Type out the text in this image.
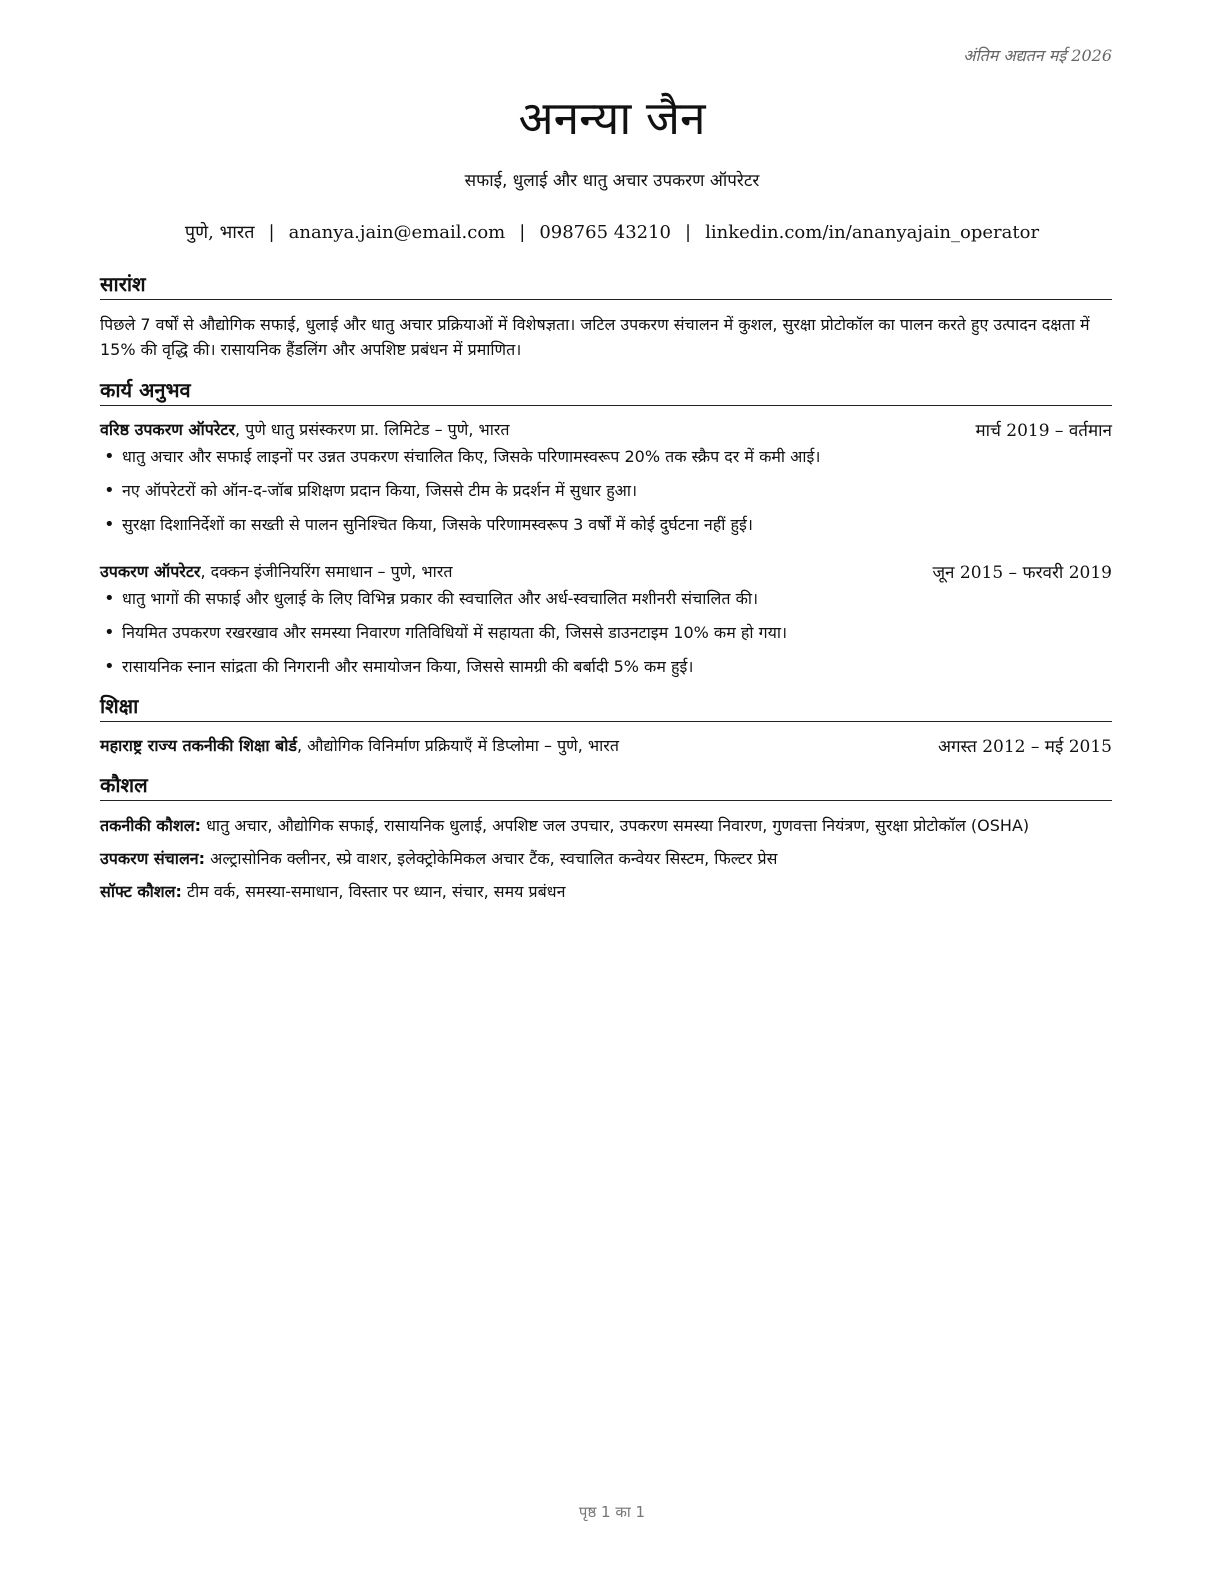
अंतिम अद्यतन मई 2026
अनन्या जैन
सफाई, धुलाई और धातु अचार उपकरण ऑपरेटर
पुणे, भारत | ananya.jain@email.com | 098765 43210 | linkedin.com/in/ananyajain_operator
सारांश

पिछले 7 वर्षों से औद्योगिक सफाई, धुलाई और धातु अचार प्रक्रियाओं में विशेषज्ञता। जटिल उपकरण संचालन में कुशल, सुरक्षा प्रोटोकॉल का पालन करते हुए उत्पादन दक्षता में 15% की वृद्धि की। रासायनिक हैंडलिंग और अपशिष्ट प्रबंधन में प्रमाणित।

कार्य अनुभव
वरिष्ठ उपकरण ऑपरेटर, पुणे धातु प्रसंस्करण प्रा. लिमिटेड – पुणे, भारत	मार्च 2019 – वर्तमान
• धातु अचार और सफाई लाइनों पर उन्नत उपकरण संचालित किए, जिसके परिणामस्वरूप 20% तक स्क्रैप दर में कमी आई।
• नए ऑपरेटरों को ऑन-द-जॉब प्रशिक्षण प्रदान किया, जिससे टीम के प्रदर्शन में सुधार हुआ।
• सुरक्षा दिशानिर्देशों का सख्ती से पालन सुनिश्चित किया, जिसके परिणामस्वरूप 3 वर्षों में कोई दुर्घटना नहीं हुई।
उपकरण ऑपरेटर, दक्कन इंजीनियरिंग समाधान – पुणे, भारत	जून 2015 – फरवरी 2019
• धातु भागों की सफाई और धुलाई के लिए विभिन्न प्रकार की स्वचालित और अर्ध-स्वचालित मशीनरी संचालित की।
• नियमित उपकरण रखरखाव और समस्या निवारण गतिविधियों में सहायता की, जिससे डाउनटाइम 10% कम हो गया।
• रासायनिक स्नान सांद्रता की निगरानी और समायोजन किया, जिससे सामग्री की बर्बादी 5% कम हुई।
शिक्षा
महाराष्ट्र राज्य तकनीकी शिक्षा बोर्ड, औद्योगिक विनिर्माण प्रक्रियाएँ में डिप्लोमा – पुणे, भारत	अगस्त 2012 – मई 2015
कौशल

तकनीकी कौशल: धातु अचार, औद्योगिक सफाई, रासायनिक धुलाई, अपशिष्ट जल उपचार, उपकरण समस्या निवारण, गुणवत्ता नियंत्रण, सुरक्षा प्रोटोकॉल (OSHA)

उपकरण संचालन: अल्ट्रासोनिक क्लीनर, स्प्रे वाशर, इलेक्ट्रोकेमिकल अचार टैंक, स्वचालित कन्वेयर सिस्टम, फिल्टर प्रेस

सॉफ्ट कौशल: टीम वर्क, समस्या-समाधान, विस्तार पर ध्यान, संचार, समय प्रबंधन

पृष्ठ 1 का 1
